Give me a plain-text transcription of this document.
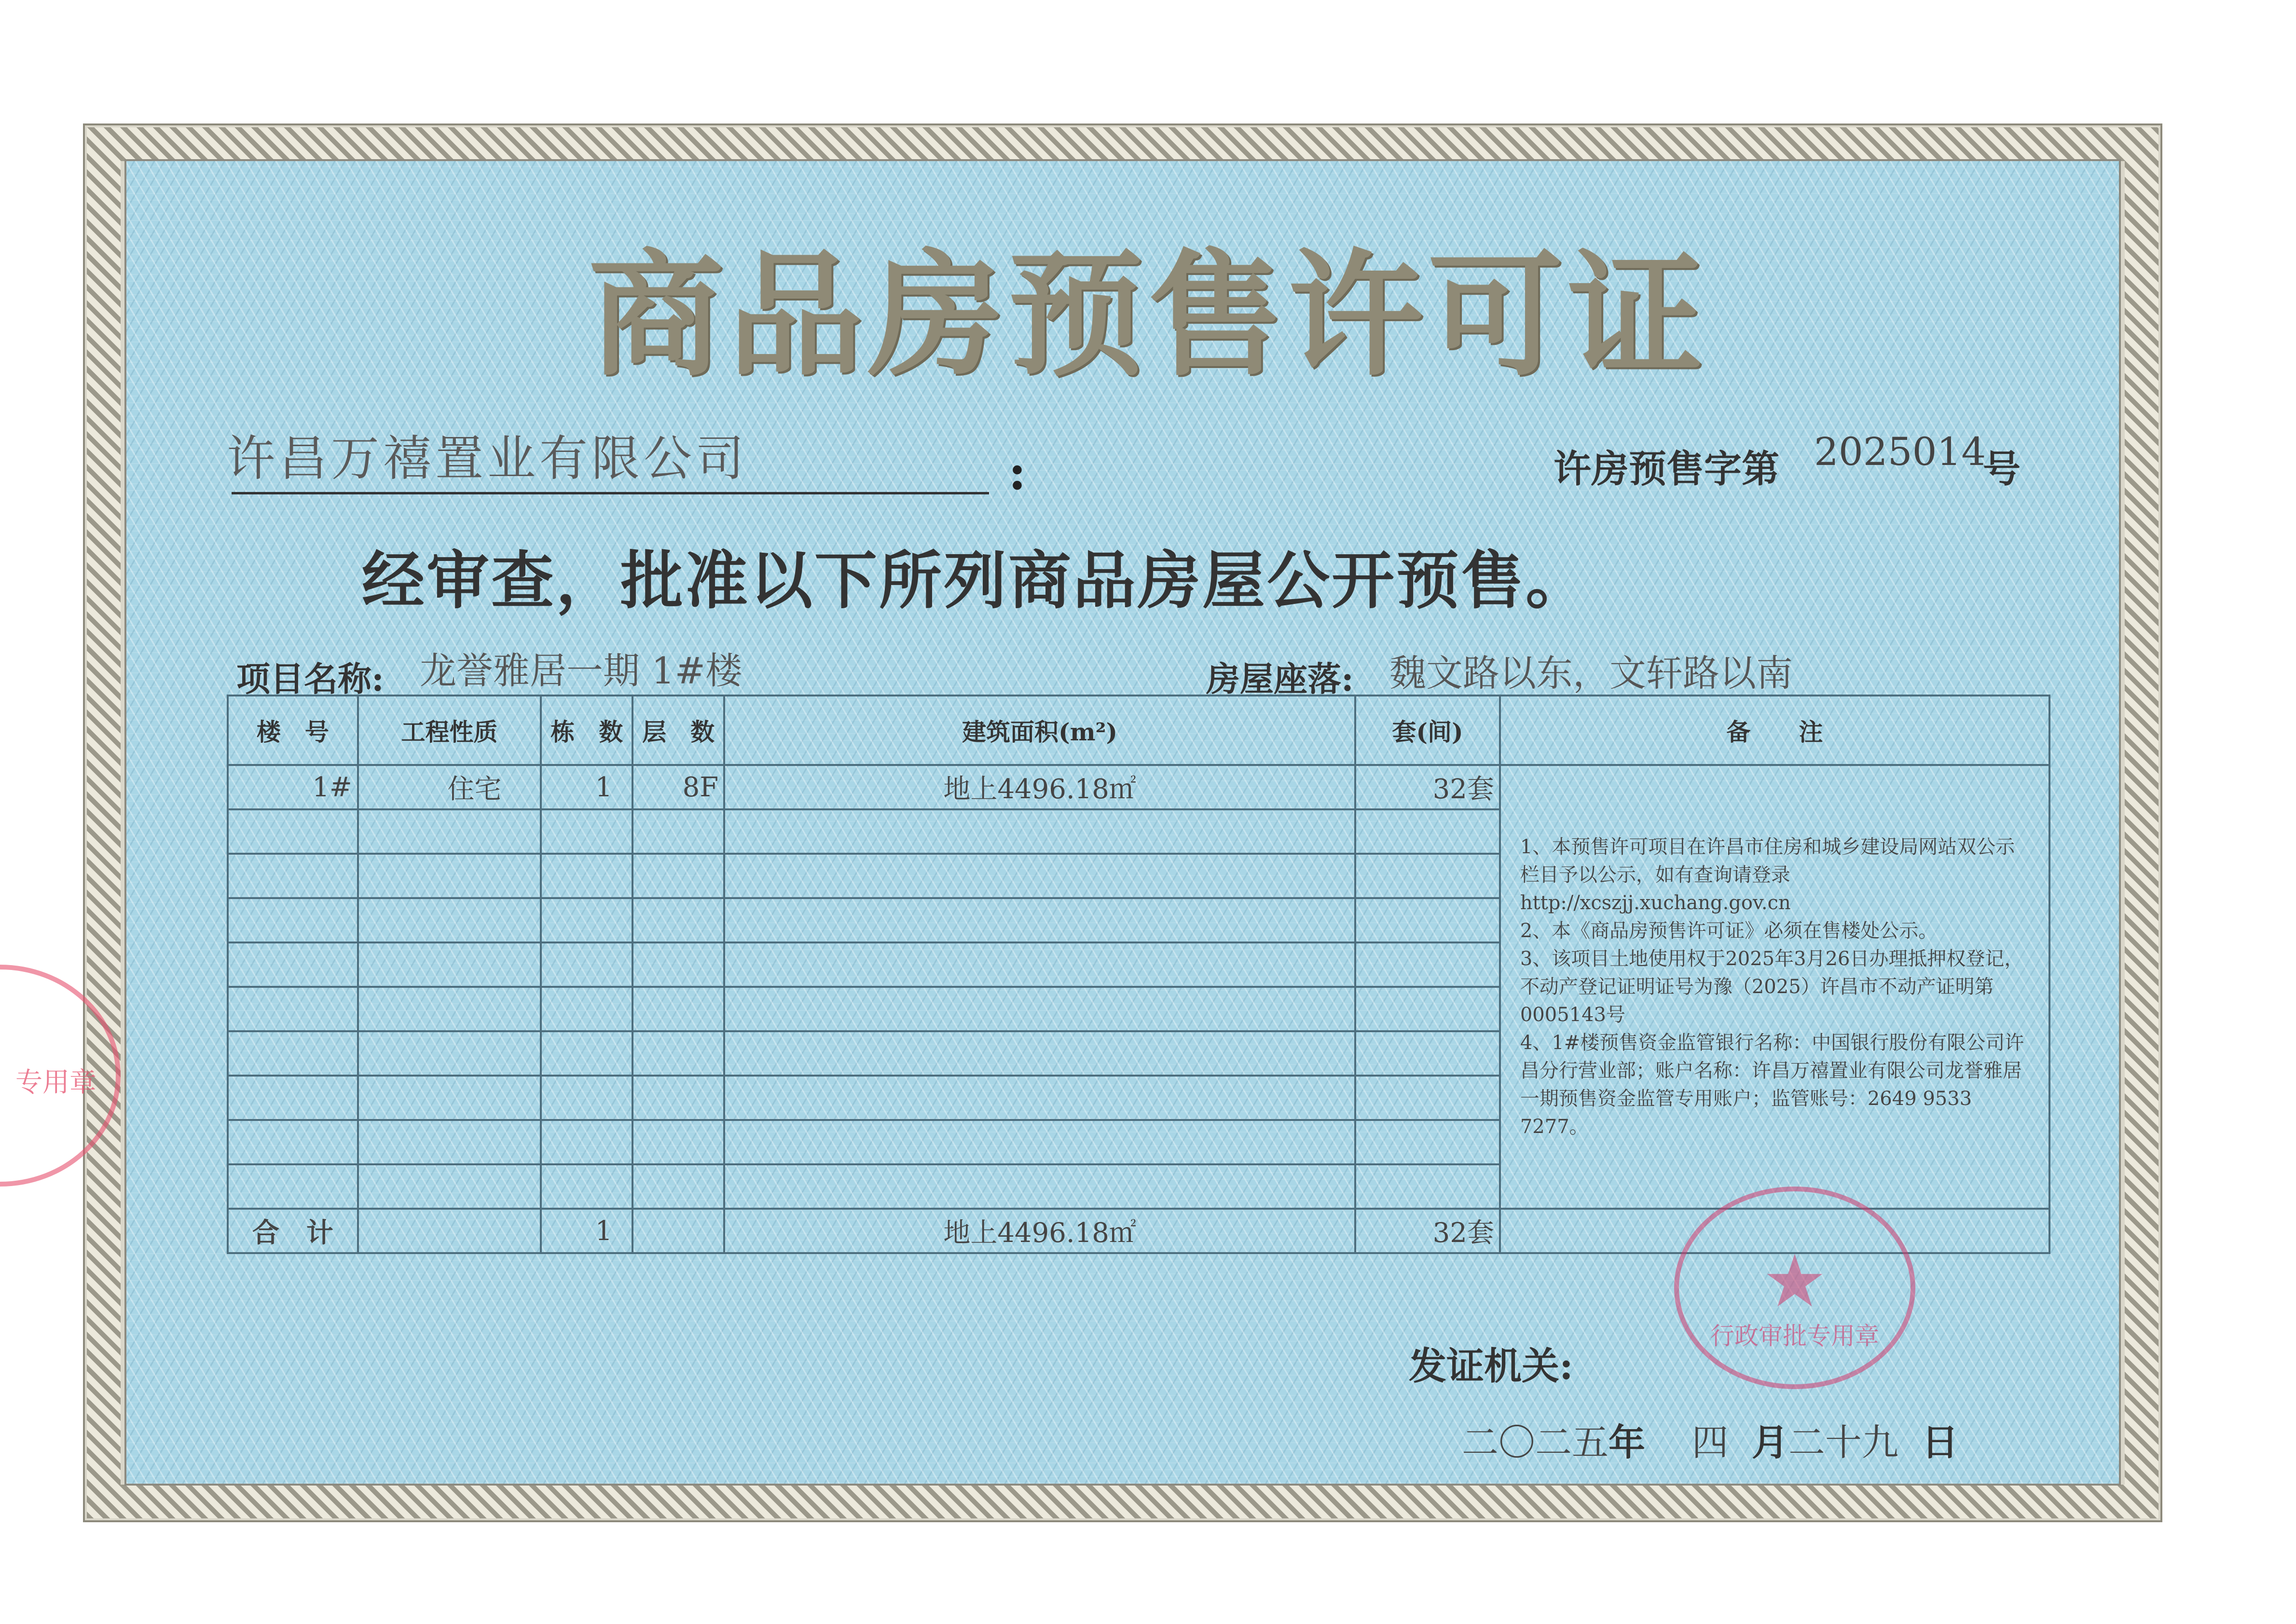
商品房预售许可证
许昌万禧置业有限公司	:	许房预售字第 2025014
号
经审查，批准以下所列商品房屋公开预售。
项目名称: 龙誉雅居一期 1#楼	房屋座落: 魏文路以东，文轩路以南
楼　号	工程性质	栋　数	层　数	建筑面积(m²)	套(间)	备　　注
1#	住宅	1	8F	地上4496.18㎡	32套	1、本预售许可项目在许昌市住房和城乡建设局网站双公示栏目予以公示，如有查询请登录http://xcszjj.xuchang.gov.cn

2、本《商品房预售许可证》必须在售楼处公示。

3、该项目土地使用权于2025年3月26日办理抵押权登记，不动产登记证明证号为豫（2025）许昌市不动产证明第0005143号

4、1#楼预售资金监管银行名称：中国银行股份有限公司许昌分行营业部；账户名称：许昌万禧置业有限公司龙誉雅居一期预售资金监管专用账户；监管账号：2649 9533 7277。

合　计		1		地上4496.18㎡	32套	
★
行政审批专用章
发证机关:
二〇二五年 四 月二十九 日
专用章
